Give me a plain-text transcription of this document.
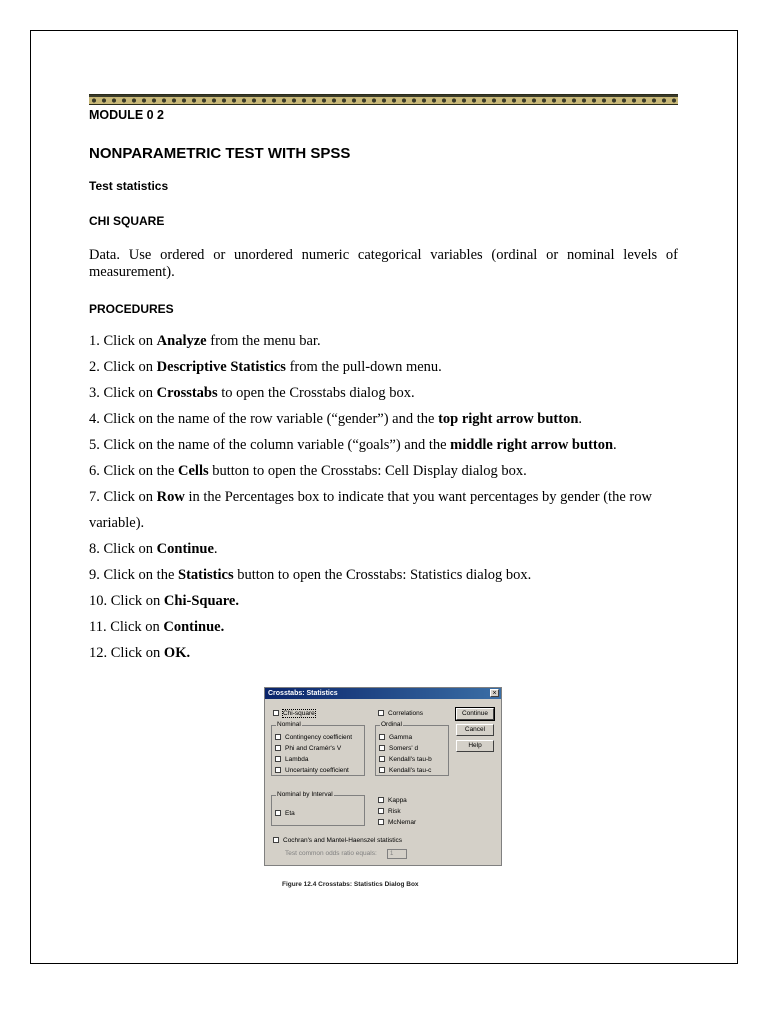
MODULE 0 2
NONPARAMETRIC TEST WITH SPSS
Test statistics
CHI SQUARE
Data. Use ordered or unordered numeric categorical variables (ordinal or nominal levels of measurement).
PROCEDURES
1. Click on Analyze from the menu bar.
2. Click on Descriptive Statistics from the pull-down menu.
3. Click on Crosstabs to open the Crosstabs dialog box.
4. Click on the name of the row variable (“gender”) and the top right arrow button.
5. Click on the name of the column variable (“goals”) and the middle right arrow button.
6. Click on the Cells button to open the Crosstabs: Cell Display dialog box.
7. Click on Row in the Percentages box to indicate that you want percentages by gender (the row
variable).
8. Click on Continue.
9. Click on the Statistics button to open the Crosstabs: Statistics dialog box.
10. Click on Chi-Square.
11. Click on Continue.
12. Click on OK.
Crosstabs: Statistics	×
Chi-square	Correlations
Nominal
Contingency coefficient
Phi and Cramér's V
Lambda
Uncertainty coefficient
Ordinal
Gamma
Somers' d
Kendall's tau-b
Kendall's tau-c
Continue
Cancel
Help
Nominal by Interval
Eta
Kappa
Risk
McNemar
Cochran's and Mantel-Haenszel statistics
Test common odds ratio equals:	1
Figure 12.4 Crosstabs: Statistics Dialog Box
